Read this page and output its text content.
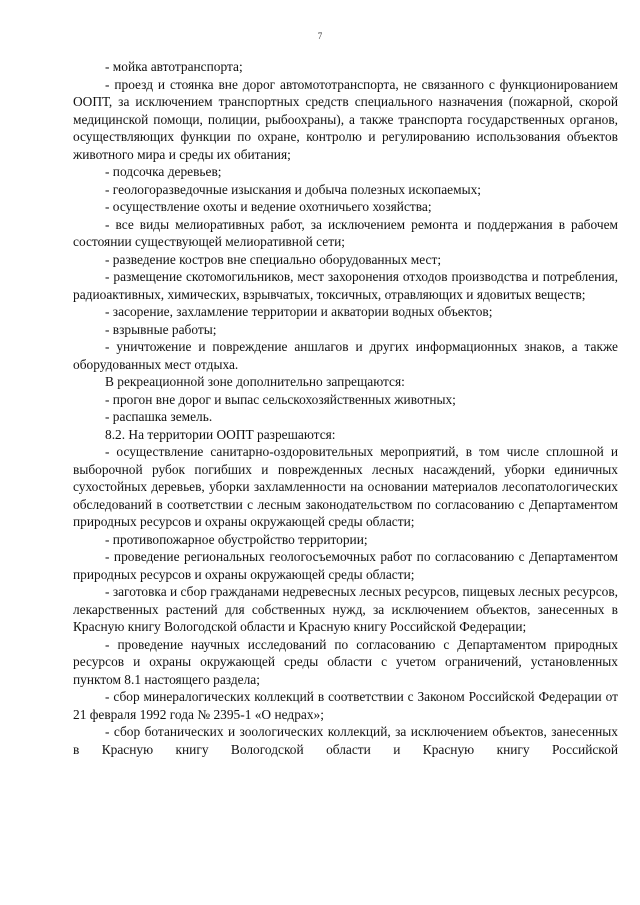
7

- мойка автотранспорта;

- проезд и стоянка вне дорог автомототранспорта, не связанного с функционированием ООПТ, за исключением транспортных средств специального назначения (пожарной, скорой медицинской помощи, полиции, рыбоохраны), а также транспорта государственных органов, осуществляющих функции по охране, контролю и регулированию использования объектов животного мира и среды их обитания;

- подсочка деревьев;

- геологоразведочные изыскания и добыча полезных ископаемых;

- осуществление охоты и ведение охотничьего хозяйства;

- все виды мелиоративных работ, за исключением ремонта и поддержания в рабочем состоянии существующей мелиоративной сети;

- разведение костров вне специально оборудованных мест;

- размещение скотомогильников, мест захоронения отходов производства и потребления, радиоактивных, химических, взрывчатых, токсичных, отравляющих и ядовитых веществ;

- засорение, захламление территории и акватории водных объектов;

- взрывные работы;

- уничтожение и повреждение аншлагов и других информационных знаков, а также оборудованных мест отдыха.

В рекреационной зоне дополнительно запрещаются:

- прогон вне дорог и выпас сельскохозяйственных животных;

- распашка земель.

8.2. На территории ООПТ разрешаются:

- осуществление санитарно-оздоровительных мероприятий, в том числе сплошной и выборочной рубок погибших и поврежденных лесных насаждений, уборки единичных сухостойных деревьев, уборки захламленности на основании материалов лесопатологических обследований в соответствии с лесным законодательством по согласованию с Департаментом природных ресурсов и охраны окружающей среды области;

- противопожарное обустройство территории;

- проведение региональных геологосъемочных работ по согласованию с Департаментом природных ресурсов и охраны окружающей среды области;

- заготовка и сбор гражданами недревесных лесных ресурсов, пищевых лесных ресурсов, лекарственных растений для собственных нужд, за исключением объектов, занесенных в Красную книгу Вологодской области и Красную книгу Российской Федерации;

- проведение научных исследований по согласованию с Департаментом природных ресурсов и охраны окружающей среды области с учетом ограничений, установленных пунктом 8.1 настоящего раздела;

- сбор минералогических коллекций в соответствии с Законом Российской Федерации от 21 февраля 1992 года № 2395-1 «О недрах»;

- сбор ботанических и зоологических коллекций, за исключением объектов, занесенных в Красную книгу Вологодской области и Красную книгу Российской
